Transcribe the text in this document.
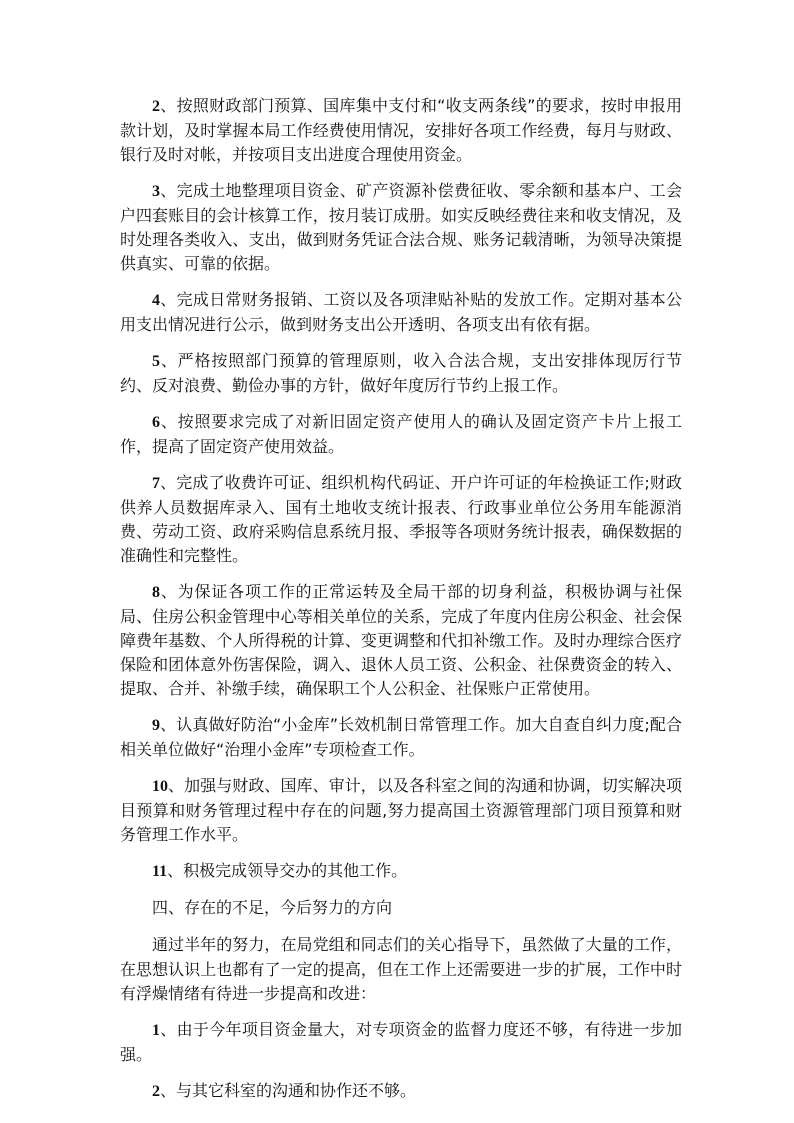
2、按照财政部门预算、国库集中支付和“收支两条线”的要求，按时申报用款计划，及时掌握本局工作经费使用情况，安排好各项工作经费，每月与财政、银行及时对帐，并按项目支出进度合理使用资金。

3、完成土地整理项目资金、矿产资源补偿费征收、零余额和基本户、工会户四套账目的会计核算工作，按月装订成册。如实反映经费往来和收支情况，及时处理各类收入、支出，做到财务凭证合法合规、账务记载清晰，为领导决策提供真实、可靠的依据。

4、完成日常财务报销、工资以及各项津贴补贴的发放工作。定期对基本公用支出情况进行公示，做到财务支出公开透明、各项支出有依有据。

5、严格按照部门预算的管理原则，收入合法合规，支出安排体现厉行节约、反对浪费、勤俭办事的方针，做好年度厉行节约上报工作。

6、按照要求完成了对新旧固定资产使用人的确认及固定资产卡片上报工作，提高了固定资产使用效益。

7、完成了收费许可证、组织机构代码证、开户许可证的年检换证工作;财政供养人员数据库录入、国有土地收支统计报表、行政事业单位公务用车能源消费、劳动工资、政府采购信息系统月报、季报等各项财务统计报表，确保数据的准确性和完整性。

8、为保证各项工作的正常运转及全局干部的切身利益，积极协调与社保局、住房公积金管理中心等相关单位的关系，完成了年度内住房公积金、社会保障费年基数、个人所得税的计算、变更调整和代扣补缴工作。及时办理综合医疗保险和团体意外伤害保险，调入、退休人员工资、公积金、社保费资金的转入、提取、合并、补缴手续，确保职工个人公积金、社保账户正常使用。

9、认真做好防治“小金库”长效机制日常管理工作。加大自查自纠力度;配合相关单位做好“治理小金库”专项检查工作。

10、加强与财政、国库、审计，以及各科室之间的沟通和协调，切实解决项目预算和财务管理过程中存在的问题,努力提高国土资源管理部门项目预算和财务管理工作水平。

11、积极完成领导交办的其他工作。

四、存在的不足，今后努力的方向

通过半年的努力，在局党组和同志们的关心指导下，虽然做了大量的工作，在思想认识上也都有了一定的提高，但在工作上还需要进一步的扩展，工作中时有浮燥情绪有待进一步提高和改进：

1、由于今年项目资金量大，对专项资金的监督力度还不够，有待进一步加强。

2、与其它科室的沟通和协作还不够。
